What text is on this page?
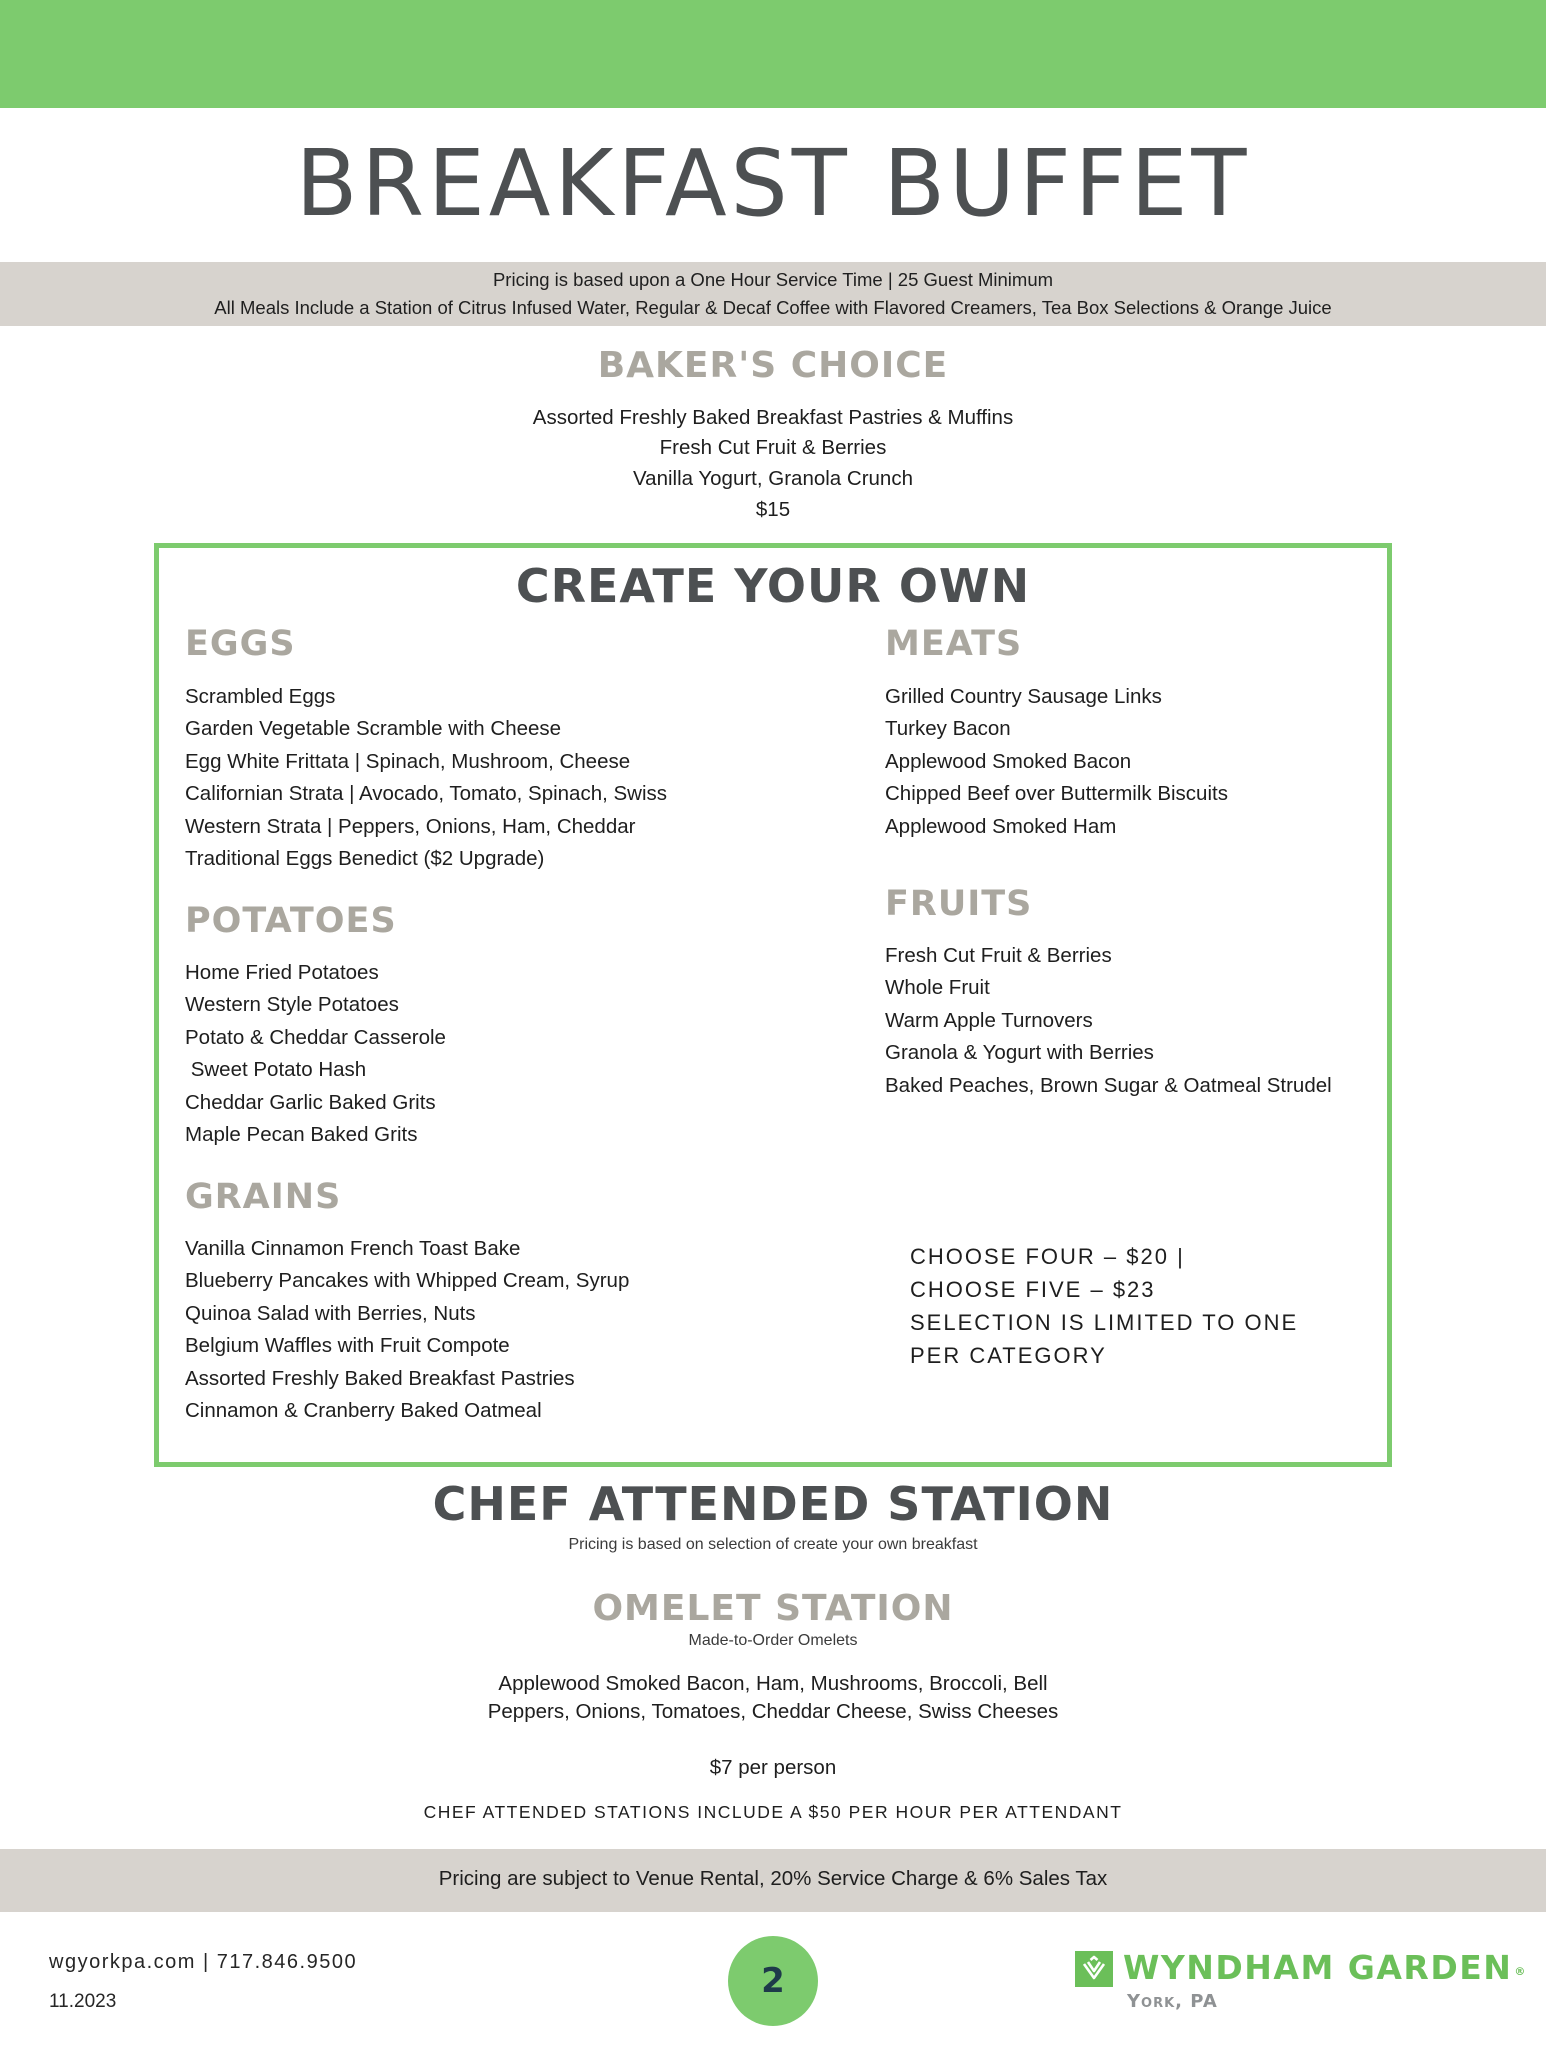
BREAKFAST BUFFET
Pricing is based upon a One Hour Service Time | 25 Guest Minimum
All Meals Include a Station of Citrus Infused Water, Regular & Decaf Coffee with Flavored Creamers, Tea Box Selections & Orange Juice
BAKER'S CHOICE
Assorted Freshly Baked Breakfast Pastries & Muffins
Fresh Cut Fruit & Berries
Vanilla Yogurt, Granola Crunch
$15
CREATE YOUR OWN
EGGS
Scrambled Eggs
Garden Vegetable Scramble with Cheese
Egg White Frittata | Spinach, Mushroom, Cheese
Californian Strata | Avocado, Tomato, Spinach, Swiss
Western Strata | Peppers, Onions, Ham, Cheddar
Traditional Eggs Benedict ($2 Upgrade)
POTATOES
Home Fried Potatoes
Western Style Potatoes
Potato & Cheddar Casserole
Sweet Potato Hash
Cheddar Garlic Baked Grits
Maple Pecan Baked Grits
GRAINS
Vanilla Cinnamon French Toast Bake
Blueberry Pancakes with Whipped Cream, Syrup
Quinoa Salad with Berries, Nuts
Belgium Waffles with Fruit Compote
Assorted Freshly Baked Breakfast Pastries
Cinnamon & Cranberry Baked Oatmeal
MEATS
Grilled Country Sausage Links
Turkey Bacon
Applewood Smoked Bacon
Chipped Beef over Buttermilk Biscuits
Applewood Smoked Ham
FRUITS
Fresh Cut Fruit & Berries
Whole Fruit
Warm Apple Turnovers
Granola & Yogurt with Berries
Baked Peaches, Brown Sugar & Oatmeal Strudel
CHOOSE FOUR – $20 |
CHOOSE FIVE – $23
SELECTION IS LIMITED TO ONE
PER CATEGORY
CHEF ATTENDED STATION
Pricing is based on selection of create your own breakfast
OMELET STATION
Made-to-Order Omelets
Applewood Smoked Bacon, Ham, Mushrooms, Broccoli, Bell Peppers, Onions, Tomatoes, Cheddar Cheese, Swiss Cheeses
$7 per person
CHEF ATTENDED STATIONS INCLUDE A $50 PER HOUR PER ATTENDANT
Pricing are subject to Venue Rental, 20% Service Charge & 6% Sales Tax
wgyorkpa.com | 717.846.9500
11.2023
2	WYNDHAM GARDEN ®
York, PA
